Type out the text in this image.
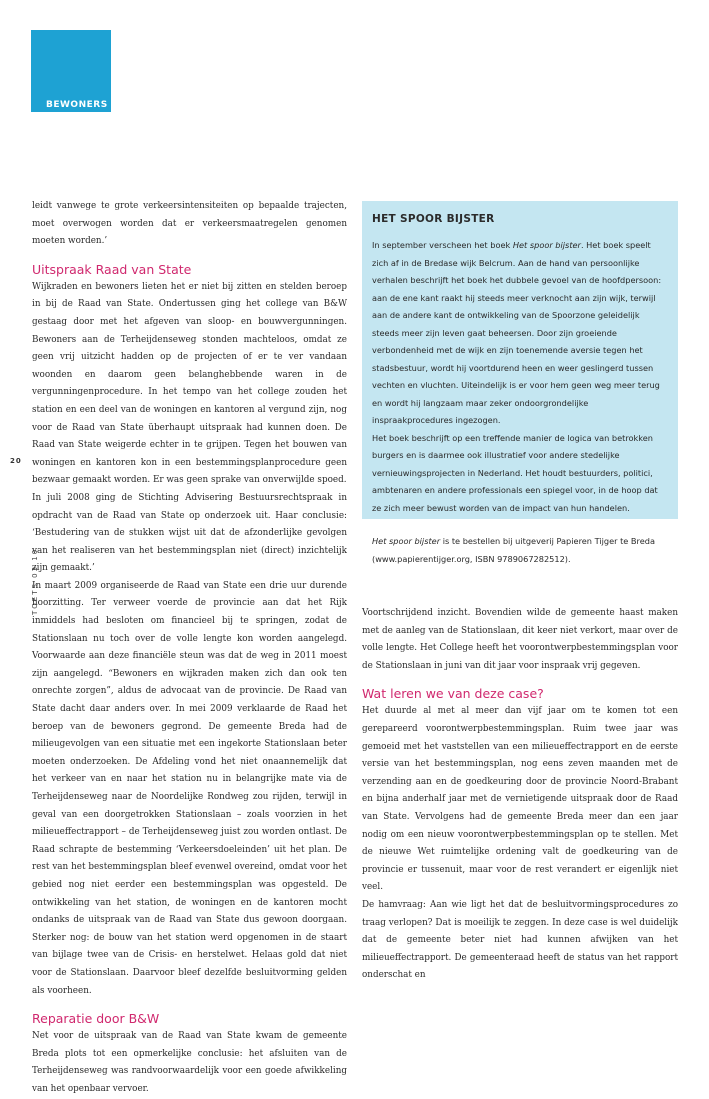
BEWONERS
20
TOETS 03 10

leidt vanwege te grote verkeersintensiteiten op bepaalde trajecten, moet overwogen worden dat er verkeersmaatregelen genomen moeten worden.’

Uitspraak Raad van State

Wijkraden en bewoners lieten het er niet bij zitten en stelden beroep in bij de Raad van State. Ondertussen ging het college van B&W gestaag door met het afgeven van sloop- en bouwvergunningen. Bewoners aan de Terheijdenseweg stonden machteloos, omdat ze geen vrij uitzicht hadden op de projecten of er te ver vandaan woonden en daarom geen belanghebbende waren in de vergunningenprocedure. In het tempo van het college zouden het station en een deel van de woningen en kantoren al vergund zijn, nog voor de Raad van State überhaupt uitspraak had kunnen doen. De Raad van State weigerde echter in te grijpen. Tegen het bouwen van woningen en kantoren kon in een bestemmingsplanprocedure geen bezwaar gemaakt worden. Er was geen sprake van onverwijlde spoed.

In juli 2008 ging de Stichting Advisering Bestuursrechtspraak in opdracht van de Raad van State op onderzoek uit. Haar conclusie: ‘Bestudering van de stukken wijst uit dat de afzonderlijke gevolgen van het realiseren van het bestemmingsplan niet (direct) inzichtelijk zijn gemaakt.’

In maart 2009 organiseerde de Raad van State een drie uur durende hoorzitting. Ter verweer voerde de provincie aan dat het Rijk inmiddels had besloten om financieel bij te springen, zodat de Stationslaan nu toch over de volle lengte kon worden aangelegd. Voorwaarde aan deze financiële steun was dat de weg in 2011 moest zijn aangelegd. “Bewoners en wijkraden maken zich dan ook ten onrechte zorgen”, aldus de advocaat van de provincie. De Raad van State dacht daar anders over. In mei 2009 verklaarde de Raad het beroep van de bewoners gegrond. De gemeente Breda had de milieugevolgen van een situatie met een ingekorte Stationslaan beter moeten onderzoeken. De Afdeling vond het niet onaannemelijk dat het verkeer van en naar het station nu in belangrijke mate via de Terheijdenseweg naar de Noordelijke Rondweg zou rijden, terwijl in geval van een doorgetrokken Stationslaan – zoals voorzien in het milieueffectrapport – de Terheijdenseweg juist zou worden ontlast. De Raad schrapte de bestemming ‘Verkeersdoeleinden’ uit het plan. De rest van het bestemmingsplan bleef evenwel overeind, omdat voor het gebied nog niet eerder een bestemmingsplan was opgesteld. De ontwikkeling van het station, de woningen en de kantoren mocht ondanks de uitspraak van de Raad van State dus gewoon doorgaan. Sterker nog: de bouw van het station werd opgenomen in de staart van bijlage twee van de Crisis- en herstelwet. Helaas gold dat niet voor de Stationslaan. Daarvoor bleef dezelfde besluitvorming gelden als voorheen.

Reparatie door B&W

Net voor de uitspraak van de Raad van State kwam de gemeente Breda plots tot een opmerkelijke conclusie: het afsluiten van de Terheijdenseweg was randvoorwaardelijk voor een goede afwikkeling van het openbaar vervoer.

HET SPOOR BIJSTER

In september verscheen het boek Het spoor bijster. Het boek speelt zich af in de Bredase wijk Belcrum. Aan de hand van persoonlijke verhalen beschrijft het boek het dubbele gevoel van de hoofdpersoon: aan de ene kant raakt hij steeds meer verknocht aan zijn wijk, terwijl aan de andere kant de ontwikkeling van de Spoorzone geleidelijk steeds meer zijn leven gaat beheersen. Door zijn groeiende verbondenheid met de wijk en zijn toenemende aversie tegen het stadsbestuur, wordt hij voortdurend heen en weer geslingerd tussen vechten en vluchten. Uiteindelijk is er voor hem geen weg meer terug en wordt hij langzaam maar zeker ondoorgrondelijke inspraakprocedures ingezogen.
Het boek beschrijft op een treffende manier de logica van betrokken burgers en is daarmee ook illustratief voor andere stedelijke vernieuwingsprojecten in Nederland. Het houdt bestuurders, politici, ambtenaren en andere professionals een spiegel voor, in de hoop dat ze zich meer bewust worden van de impact van hun handelen.

Het spoor bijster is te bestellen bij uitgeverij Papieren Tijger te Breda (www.papierentijger.org, ISBN 9789067282512).

Voortschrijdend inzicht. Bovendien wilde de gemeente haast maken met de aanleg van de Stationslaan, dit keer niet verkort, maar over de volle lengte. Het College heeft het voorontwerpbestemmingsplan voor de Stationslaan in juni van dit jaar voor inspraak vrij gegeven.

Wat leren we van deze case?

Het duurde al met al meer dan vijf jaar om te komen tot een gerepareerd voorontwerpbestemmingsplan. Ruim twee jaar was gemoeid met het vaststellen van een milieueffectrapport en de eerste versie van het bestemmingsplan, nog eens zeven maanden met de verzending aan en de goedkeuring door de provincie Noord-Brabant en bijna anderhalf jaar met de vernietigende uitspraak door de Raad van State. Vervolgens had de gemeente Breda meer dan een jaar nodig om een nieuw voorontwerpbestemmingsplan op te stellen. Met de nieuwe Wet ruimtelijke ordening valt de goedkeuring van de provincie er tussenuit, maar voor de rest verandert er eigenlijk niet veel.

De hamvraag: Aan wie ligt het dat de besluitvormingsprocedures zo traag verlopen? Dat is moeilijk te zeggen. In deze case is wel duidelijk dat de gemeente beter niet had kunnen afwijken van het milieueffectrapport. De gemeenteraad heeft de status van het rapport onderschat en
